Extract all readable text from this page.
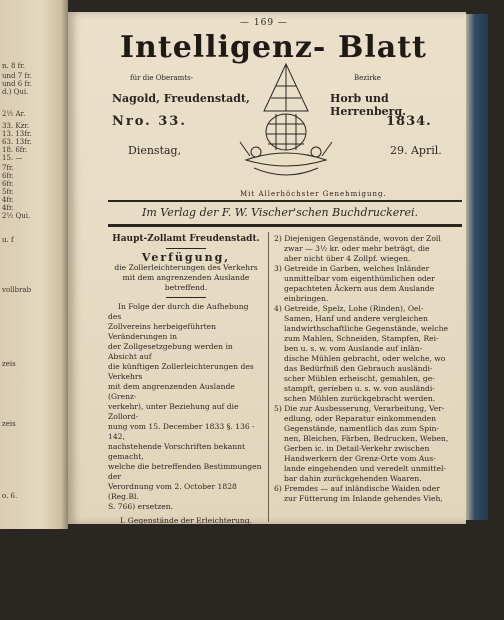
n. 8 fr.
und 7 fr.
und 6 fr.
d.) Qui.
2½ Ar.
33. Kzr.
13. 13fr.
63. 13fr.
18. 6fr.
15. —
7fr.
6fr.
6fr.
5fr.
4fr.
4fr.
2½ Qui.
u. f
vollbrab
zeis
zeis
o. 6.
— 169 —
Intelligenz- Blatt
für die Oberamts-	Bezirke
Nagold, Freudenstadt,	Horb und Herrenberg.
Nro. 33.	1834.
Dienstag,	29. April.
Mit Allerhöchster Genehmigung.
Im Verlag der F. W. Vischer'schen Buchdruckerei.

Haupt-Zollamt Freudenstadt.

Verfügung,

die Zollerleichterungen des Verkehrs mit dem angrenzenden Auslande betreffend.

In Folge der durch die Aufhebung des

Zollvereins herbeigeführten Veränderungen in

der Zollgesetzgebung werden in Absicht auf

die künftigen Zollerleichterungen des Verkehrs

mit dem angrenzenden Auslande (Grenz-

verkehr), unter Beziehung auf die Zollord-

nung vom 15. December 1833 §. 136 - 142,

nachstehende Vorschriften bekannt gemacht,

welche die betreffenden Bestimmungen der

Verordnung vom 2. October 1828 (Reg.Bl.

S. 766) ersetzen.

I. Gegenstände der Erleichterung.

Außer denjenigen Artikeln, welche nach

der ersten Abtheilung des Vereins-

Tarifs einer Zollabgabe überhaupt nicht

unterworfen sind, bleiben vom Zoll befreit:

1) Alle Gegenstände, wovon der Zollbetrag

nicht 3¼ kr. erreicht.

2) Diejenigen Gegenstände, wovon der Zoll

zwar — 3½ kr. oder mehr beträgt, die

aber nicht über 4 Zollpf. wiegen.

3) Getreide in Garben, welches Inländer

unmittelbar vom eigenthümlichen oder

gepachteten Äckern aus dem Auslande

einbringen.

4) Getreide, Spelz, Lohe (Rinden), Oel-

Samen, Hanf und andere vergleichen

landwirthschaftliche Gegenstände, welche

zum Mahlen, Schneiden, Stampfen, Rei-

ben u. s. w. vom Auslande auf inlän-

dische Mühlen gebracht, oder welche, wo

das Bedürfniß den Gebrauch ausländi-

scher Mühlen erheischt, gemahlen, ge-

stampft, gerieben u. s. w. von ausländi-

schen Mühlen zurückgebracht werden.

5) Die zur Ausbesserung, Verarbeitung, Ver-

edlung, oder Reparatur einkommenden

Gegenstände, namentlich das zum Spin-

nen, Bleichen, Färben, Bedrucken, Weben,

Gerben ic. in Detail-Verkehr zwischen

Handwerkern der Grenz-Orte vom Aus-

lande eingehenden und veredelt unmittel-

bar dahin zurückgehenden Waaren.

6) Fremdes — auf inländische Waiden oder

zur Fütterung im Inlande gehendes Vieh,
